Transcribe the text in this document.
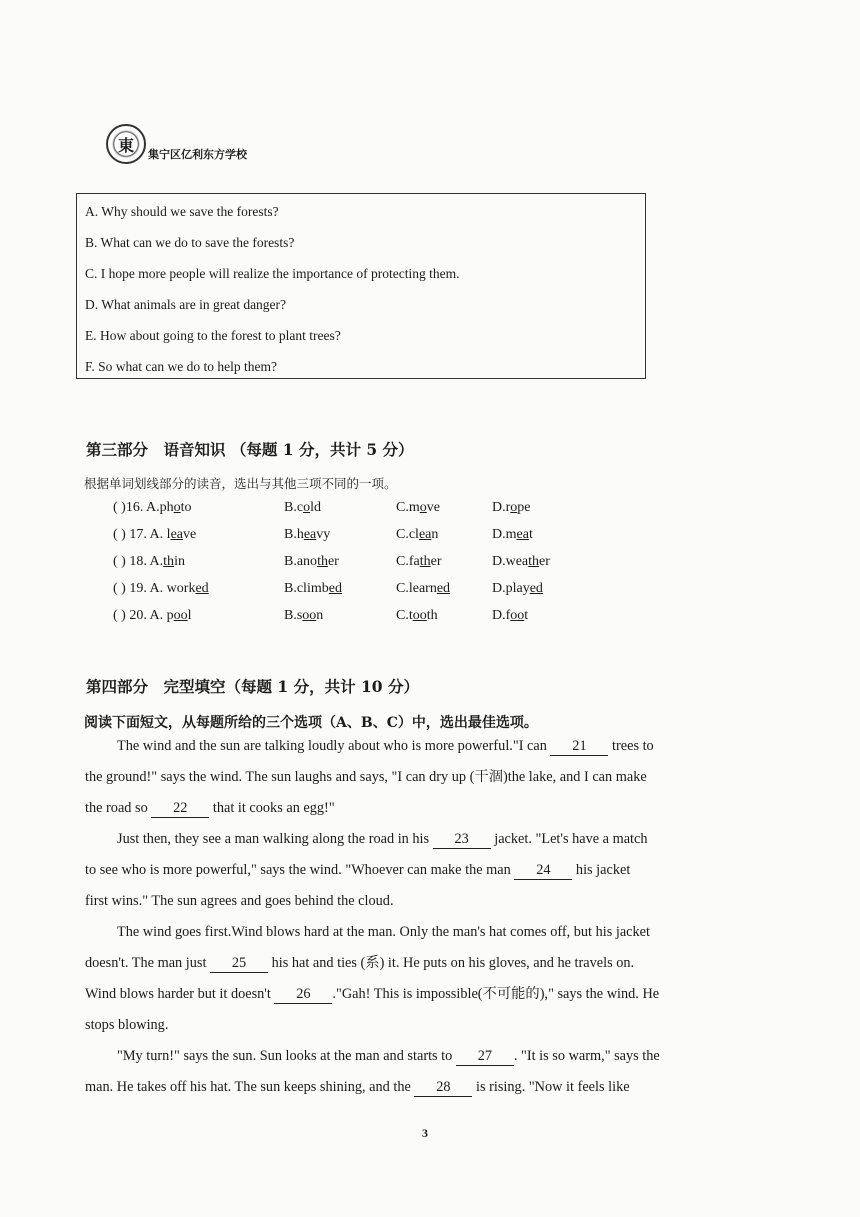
東
集宁区亿利东方学校
A. Why should we save the forests?
B. What can we do to save the forests?
C. I hope more people will realize the importance of protecting them.
D. What animals are in great danger?
E. How about going to the forest to plant trees?
F. So what can we do to help them?
第三部分　语音知识 （每题 1 分，共计 5 分）
根据单词划线部分的读音，选出与其他三项不同的一项。
( )16. A.photo	B.cold	C.move	D.rope
( ) 17. A. leave	B.heavy	C.clean	D.meat
( ) 18. A.thin	B.another	C.father	D.weather
( ) 19. A. worked	B.climbed	C.learned	D.played
( ) 20. A. pool	B.soon	C.tooth	D.foot
第四部分　完型填空（每题 1 分，共计 10 分）
阅读下面短文，从每题所给的三个选项（A、B、C）中，选出最佳选项。
The wind and the sun are talking loudly about who is more powerful."I can 21 trees to
the ground!" says the wind. The sun laughs and says, "I can dry up (干涸)the lake, and I can make
the road so 22 that it cooks an egg!"
Just then, they see a man walking along the road in his 23 jacket. "Let's have a match
to see who is more powerful," says the wind. "Whoever can make the man 24 his jacket
first wins." The sun agrees and goes behind the cloud.
The wind goes first.Wind blows hard at the man. Only the man's hat comes off, but his jacket
doesn't. The man just 25 his hat and ties (系) it. He puts on his gloves, and he travels on.
Wind blows harder but it doesn't 26 ."Gah! This is impossible(不可能的)," says the wind. He
stops blowing.
"My turn!" says the sun. Sun looks at the man and starts to 27 . "It is so warm," says the
man. He takes off his hat. The sun keeps shining, and the 28 is rising. "Now it feels like
3
